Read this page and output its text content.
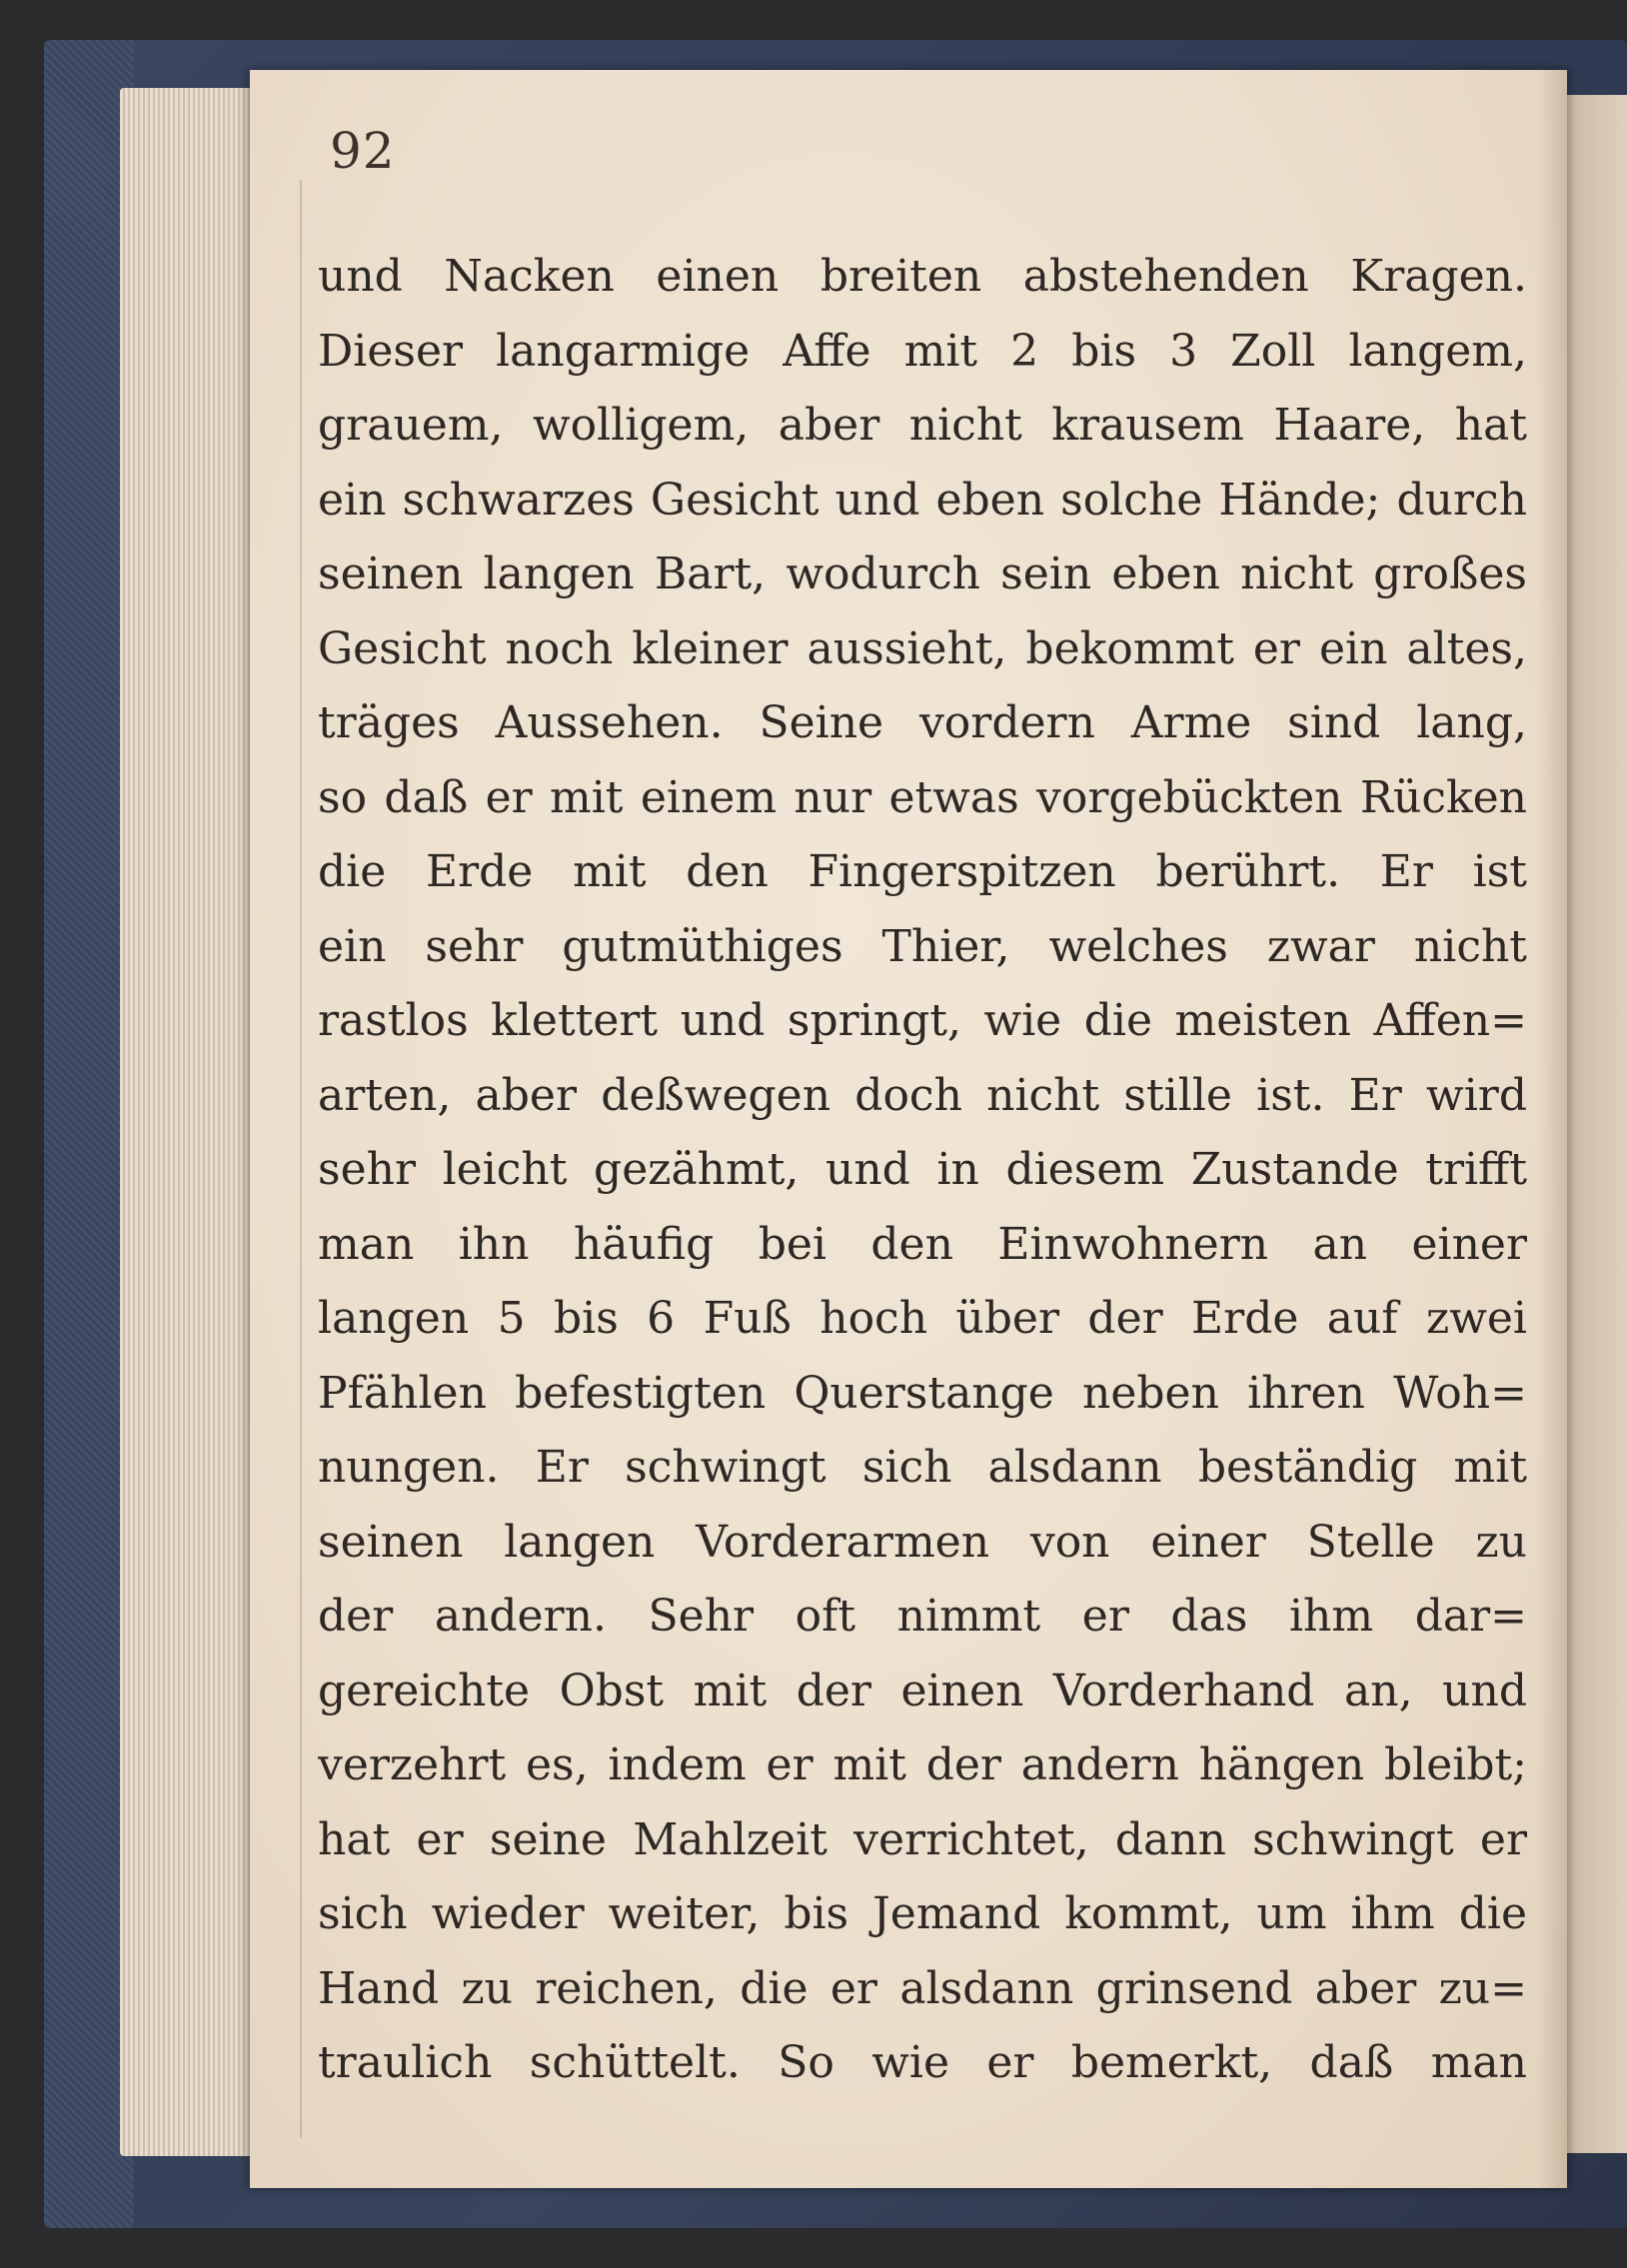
92
und Nacken einen breiten abstehenden Kragen.
Dieser langarmige Affe mit 2 bis 3 Zoll langem,
grauem, wolligem, aber nicht krausem Haare, hat
ein schwarzes Gesicht und eben solche Hände; durch
seinen langen Bart, wodurch sein eben nicht großes
Gesicht noch kleiner aussieht, bekommt er ein altes,
träges Aussehen. Seine vordern Arme sind lang,
so daß er mit einem nur etwas vorgebückten Rücken
die Erde mit den Fingerspitzen berührt. Er ist
ein sehr gutmüthiges Thier, welches zwar nicht
rastlos klettert und springt, wie die meisten Affen=
arten, aber deßwegen doch nicht stille ist. Er wird
sehr leicht gezähmt, und in diesem Zustande trifft
man ihn häufig bei den Einwohnern an einer
langen 5 bis 6 Fuß hoch über der Erde auf zwei
Pfählen befestigten Querstange neben ihren Woh=
nungen. Er schwingt sich alsdann beständig mit
seinen langen Vorderarmen von einer Stelle zu
der andern. Sehr oft nimmt er das ihm dar=
gereichte Obst mit der einen Vorderhand an, und
verzehrt es, indem er mit der andern hängen bleibt;
hat er seine Mahlzeit verrichtet, dann schwingt er
sich wieder weiter, bis Jemand kommt, um ihm die
Hand zu reichen, die er alsdann grinsend aber zu=
traulich schüttelt. So wie er bemerkt, daß man
